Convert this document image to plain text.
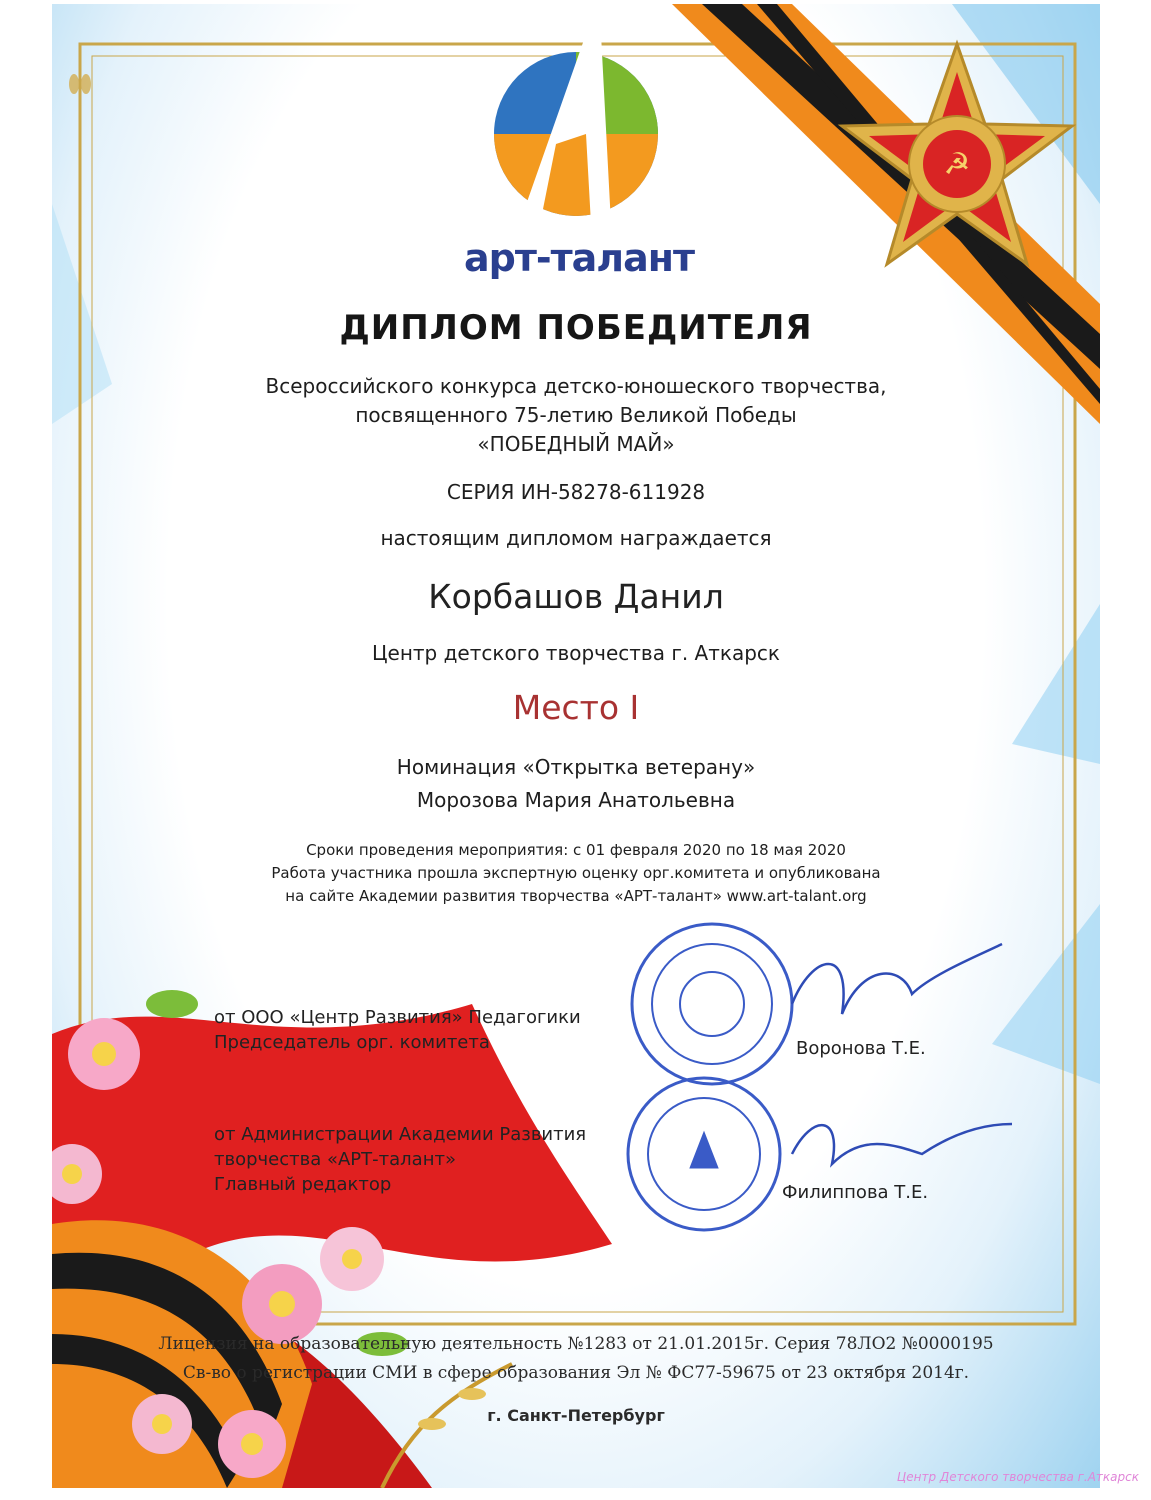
☭
арт-талант
ДИПЛОМ ПОБЕДИТЕЛЯ
Всероссийского конкурса детско-юношеского творчества,
посвященного 75-летию Великой Победы
«ПОБЕДНЫЙ МАЙ»
СЕРИЯ ИН-58278-611928
настоящим дипломом награждается
Корбашов Данил
Центр детского творчества г. Аткарск
Место I
Номинация «Открытка ветерану»
Морозова Мария Анатольевна
Сроки проведения мероприятия: с 01 февраля 2020 по 18 мая 2020
Работа участника прошла экспертную оценку орг.комитета и опубликована
на сайте Академии развития творчества «АРТ-талант» www.art-talant.org
от ООО «Центр Развития» Педагогики
Председатель орг. комитета	Воронова Т.Е.
от Администрации Академии Развития
творчества «АРТ-талант»
Главный редактор	Филиппова Т.Е.
Лицензия на образовательную деятельность №1283 от 21.01.2015г. Серия 78ЛО2 №0000195
Св-во о регистрации СМИ в сфере образования Эл № ФС77-59675 от 23 октября 2014г.
г. Санкт-Петербург
Центр Детского творчества г.Аткарск
